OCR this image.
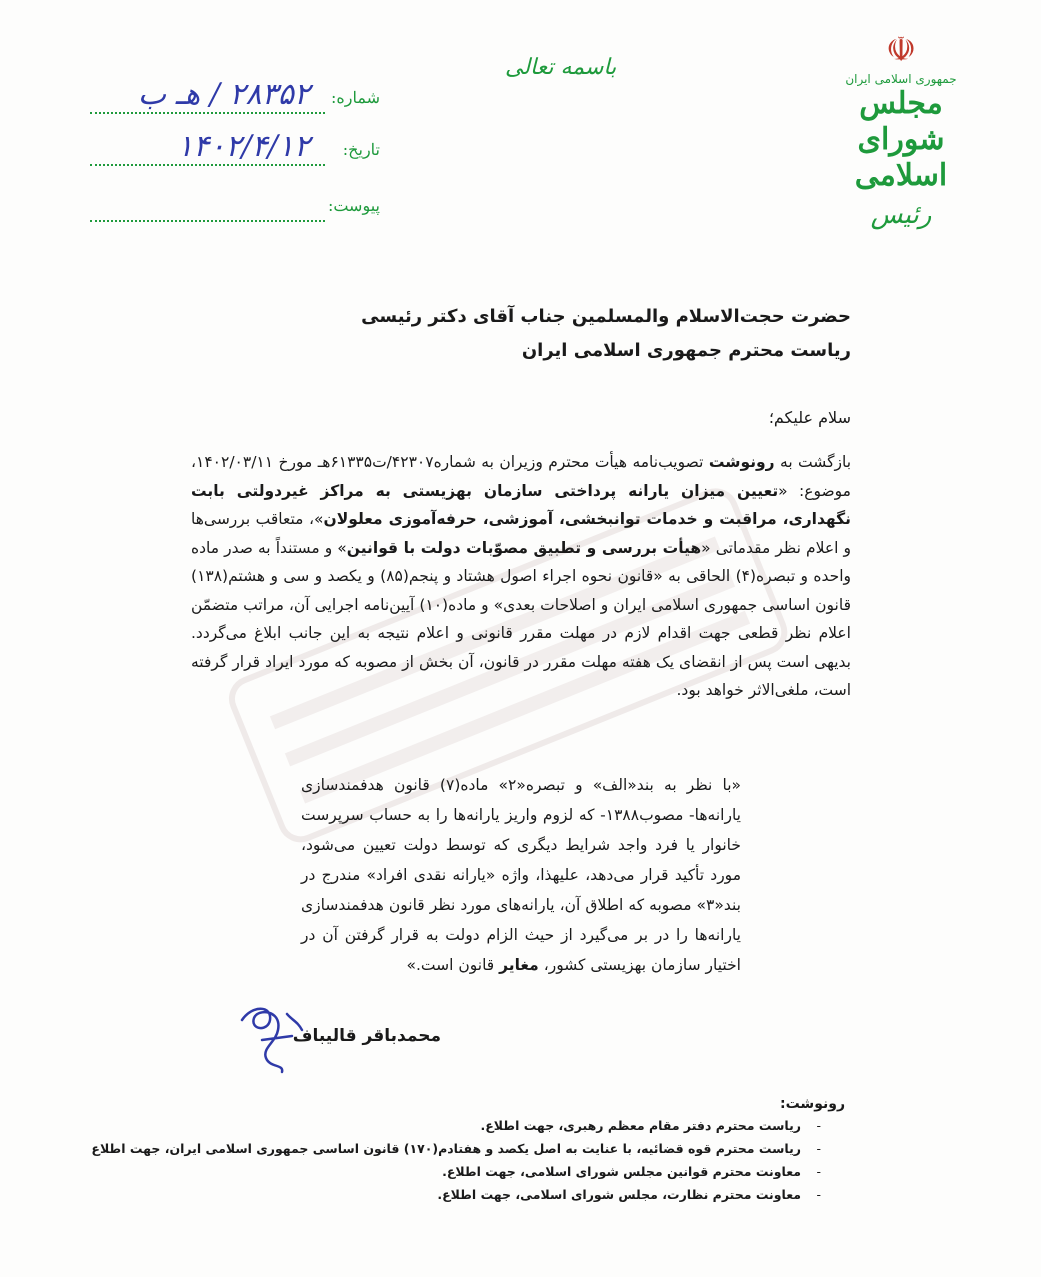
☫
جمهوری اسلامی ایران
مجلس شورای اسلامی
رئیس
باسمه تعالی
شماره:
۲۸۳۵۲ / هـ ب
تاریخ:
۱۴۰۲/۴/۱۲
پیوست:
حضرت حجت‌الاسلام والمسلمین جناب آقای دکتر رئیسی
ریاست محترم جمهوری اسلامی ایران
سلام علیکم؛
بازگشت به رونوشت تصویب‌نامه هیأت محترم وزیران به شماره۴۲۳۰۷/ت۶۱۳۳۵هـ مورخ ۱۴۰۲/۰۳/۱۱، موضوع: «تعیین میزان یارانه پرداختی سازمان بهزیستی به مراکز غیردولتی بابت نگهداری، مراقبت و خدمات توانبخشی، آموزشی، حرفه‌آموزی معلولان»، متعاقب بررسی‌ها و اعلام نظر مقدماتی «هیأت بررسی و تطبیق مصوّبات دولت با قوانین» و مستنداً به صدر ماده واحده و تبصره(۴) الحاقی به «قانون نحوه اجراء اصول هشتاد و پنجم(۸۵) و یکصد و سی و هشتم(۱۳۸) قانون اساسی جمهوری اسلامی ایران و اصلاحات بعدی» و ماده(۱۰) آیین‌نامه اجرایی آن، مراتب متضمّن اعلام نظر قطعی جهت اقدام لازم در مهلت مقرر قانونی و اعلام نتیجه به این جانب ابلاغ می‌گردد. بدیهی است پس از انقضای یک هفته مهلت مقرر در قانون، آن بخش از مصوبه که مورد ایراد قرار گرفته است، ملغی‌الاثر خواهد بود.
«با نظر به بند«الف» و تبصره«۲» ماده(۷) قانون هدفمندسازی یارانه‌ها- مصوب۱۳۸۸- که لزوم واریز یارانه‌ها را به حساب سرپرست خانوار یا فرد واجد شرایط دیگری که توسط دولت تعیین می‌شود، مورد تأکید قرار می‌دهد، علیهذا، واژه «یارانه نقدی افراد» مندرج در بند«۳» مصوبه که اطلاق آن، یارانه‌های مورد نظر قانون هدفمندسازی یارانه‌ها را در بر می‌گیرد از حیث الزام دولت به قرار گرفتن آن در اختیار سازمان بهزیستی کشور، مغایر قانون است.»
محمدباقر قالیباف
رونوشت:
-
ریاست محترم دفتر مقام معظم رهبری، جهت اطلاع.
-
ریاست محترم قوه قضائیه، با عنایت به اصل یکصد و هفتادم(۱۷۰) قانون اساسی جمهوری اسلامی ایران، جهت اطلاع
-
معاونت محترم قوانین مجلس شورای اسلامی، جهت اطلاع.
-
معاونت محترم نظارت، مجلس شورای اسلامی، جهت اطلاع.
